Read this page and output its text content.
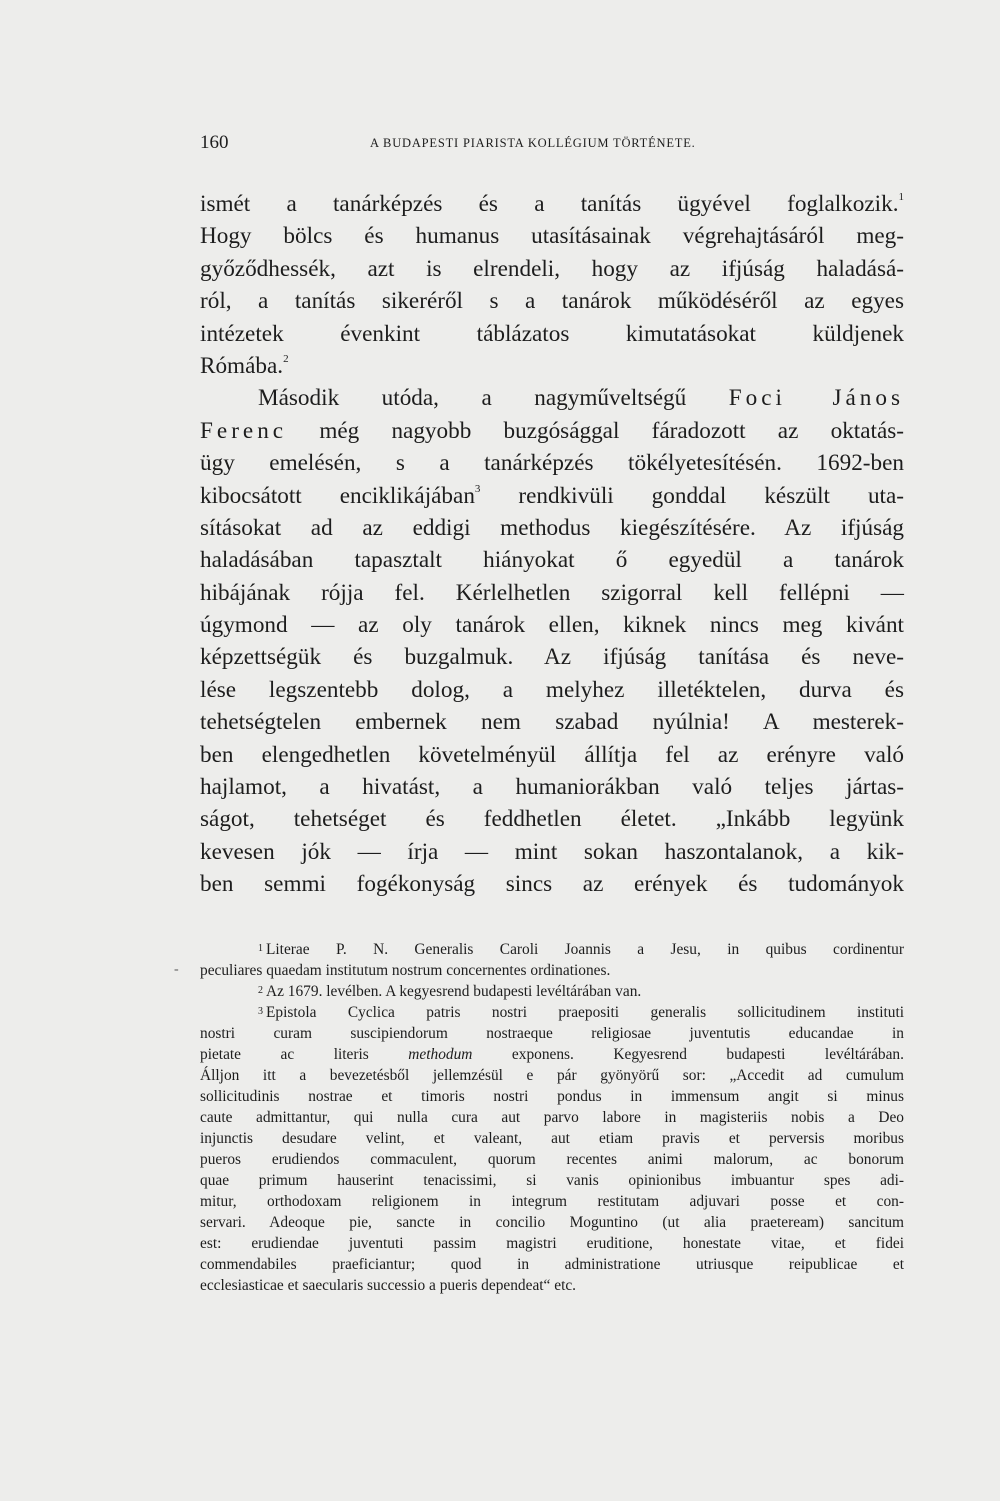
160	A BUDAPESTI PIARISTA KOLLÉGIUM TÖRTÉNETE.
ismét a tanárképzés és a tanítás ügyével foglalkozik.$^1$
Hogy bölcs és humanus utasításainak végrehajtásáról meg-
győződhessék, azt is elrendeli, hogy az ifjúság haladásá-
ról, a tanítás sikeréről s a tanárok működéséről az egyes
intézetek évenkint táblázatos kimutatásokat küldjenek
Rómába.$^2$
Második utóda, a nagyműveltségű Foci János
Ferenc még nagyobb buzgósággal fáradozott az oktatás-
ügy emelésén, s a tanárképzés tökélyetesítésén. 1692-ben
kibocsátott enciklikájában$^3$ rendkivüli gonddal készült uta-
sításokat ad az eddigi methodus kiegészítésére. Az ifjúság
haladásában tapasztalt hiányokat ő egyedül a tanárok
hibájának rójja fel. Kérlelhetlen szigorral kell fellépni —
úgymond — az oly tanárok ellen, kiknek nincs meg kivánt
képzettségük és buzgalmuk. Az ifjúság tanítása és neve-
lése legszentebb dolog, a melyhez illetéktelen, durva és
tehetségtelen embernek nem szabad nyúlnia! A mesterek-
ben elengedhetlen követelményül állítja fel az erényre való
hajlamot, a hivatást, a humaniorákban való teljes jártas-
ságot, tehetséget és feddhetlen életet. „Inkább legyünk
kevesen jók — írja — mint sokan haszontalanok, a kik-
ben semmi fogékonyság sincs az erények és tudományok
-
1 Literae P. N. Generalis Caroli Joannis a Jesu, in quibus cordinentur
peculiares quaedam institutum nostrum concernentes ordinationes.
2 Az 1679. levélben. A kegyesrend budapesti levéltárában van.
3 Epistola Cyclica patris nostri praepositi generalis sollicitudinem instituti
nostri curam suscipiendorum nostraeque religiosae juventutis educandae in
pietate ac literis	methodum	exponens. Kegyesrend budapesti levéltárában.
Álljon itt a bevezetésből jellemzésül e pár gyönyörű sor: „Accedit ad cumulum
sollicitudinis nostrae et timoris nostri pondus in immensum angit si minus
caute admittantur, qui nulla cura aut parvo labore in magisteriis nobis a Deo
injunctis desudare velint, et valeant, aut etiam pravis et perversis moribus
pueros erudiendos commaculent, quorum recentes animi malorum, ac bonorum
quae primum hauserint tenacissimi, si vanis opinionibus imbuantur spes adi-
mitur, orthodoxam religionem in integrum restitutam adjuvari posse et con-
servari. Adeoque pie, sancte in concilio Moguntino (ut alia praeteream) sancitum
est: erudiendae juventuti passim magistri eruditione, honestate vitae, et fidei
commendabiles praeficiantur; quod in administratione utriusque reipublicae et
ecclesiasticae et saecularis successio a pueris dependeat“ etc.
